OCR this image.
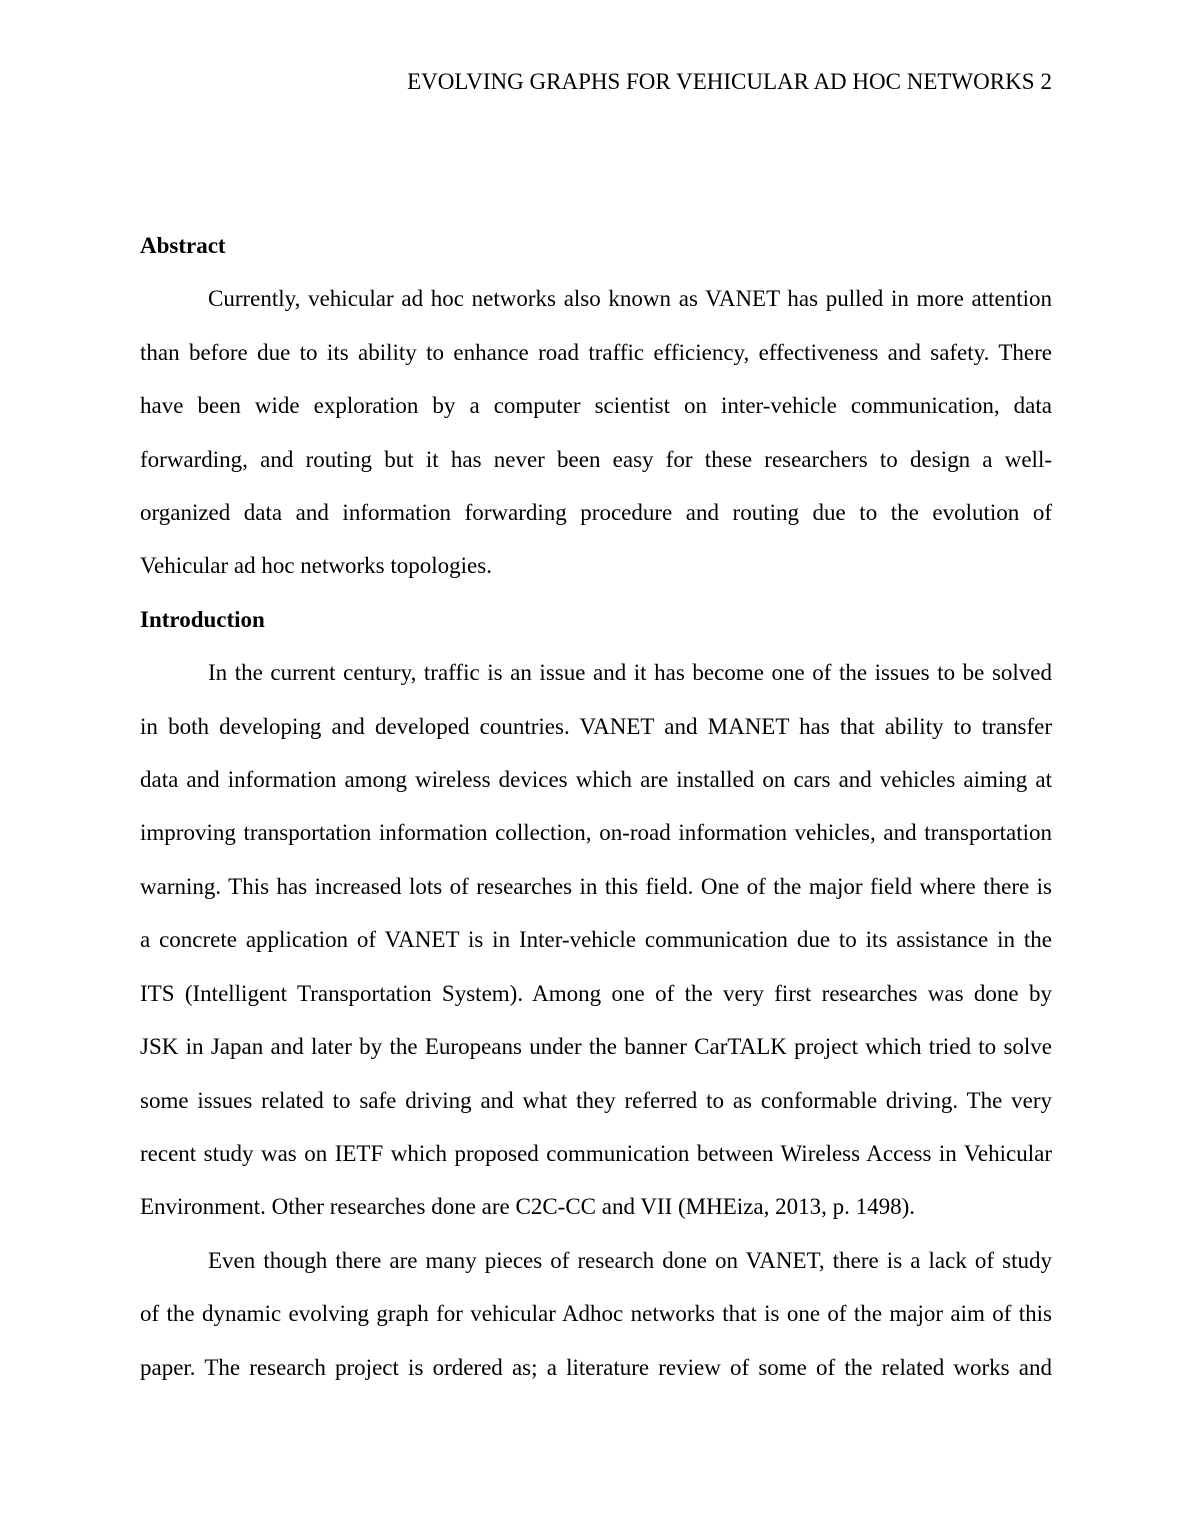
EVOLVING GRAPHS FOR VEHICULAR AD HOC NETWORKS 2
Abstract
Currently, vehicular ad hoc networks also known as VANET has pulled in more attention
than before due to its ability to enhance road traffic efficiency, effectiveness and safety. There
have been wide exploration by a computer scientist on inter-vehicle communication, data
forwarding, and routing but it has never been easy for these researchers to design a well-
organized data and information forwarding procedure and routing due to the evolution of
Vehicular ad hoc networks topologies.
Introduction
In the current century, traffic is an issue and it has become one of the issues to be solved
in both developing and developed countries. VANET and MANET has that ability to transfer
data and information among wireless devices which are installed on cars and vehicles aiming at
improving transportation information collection, on-road information vehicles, and transportation
warning. This has increased lots of researches in this field. One of the major field where there is
a concrete application of VANET is in Inter-vehicle communication due to its assistance in the
ITS (Intelligent Transportation System). Among one of the very first researches was done by
JSK in Japan and later by the Europeans under the banner CarTALK project which tried to solve
some issues related to safe driving and what they referred to as conformable driving. The very
recent study was on IETF which proposed communication between Wireless Access in Vehicular
Environment. Other researches done are C2C-CC and VII (MHEiza, 2013, p. 1498).
Even though there are many pieces of research done on VANET, there is a lack of study
of the dynamic evolving graph for vehicular Adhoc networks that is one of the major aim of this
paper. The research project is ordered as; a literature review of some of the related works and
